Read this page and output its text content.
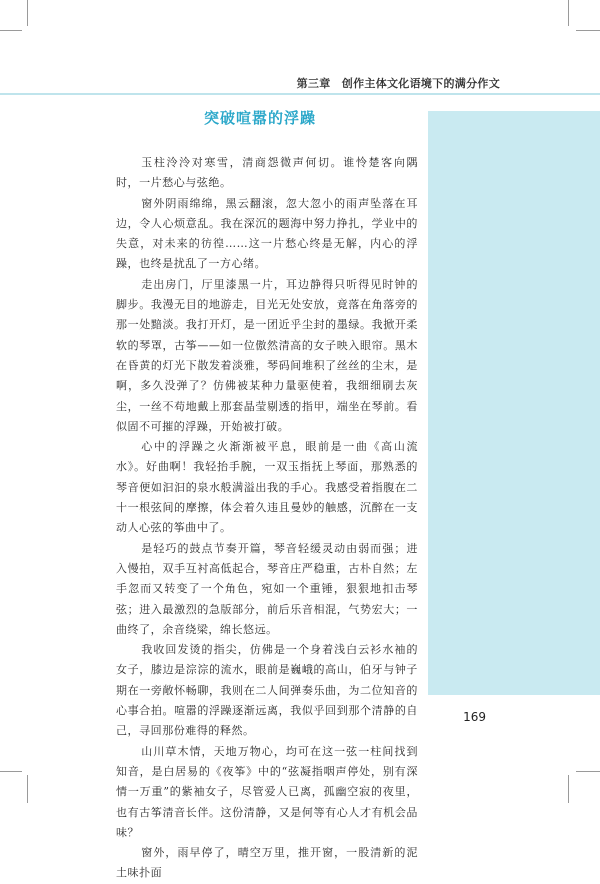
第三章　创作主体文化语境下的满分作文
突破喧嚣的浮躁

玉柱泠泠对寒雪，清商怨微声何切。谁怜楚客向隅时，一片愁心与弦绝。

窗外阴雨绵绵，黑云翻滚，忽大忽小的雨声坠落在耳边，令人心烦意乱。我在深沉的题海中努力挣扎，学业中的失意，对未来的彷徨……这一片愁心终是无解，内心的浮躁，也终是扰乱了一方心绪。

走出房门，厅里漆黑一片，耳边静得只听得见时钟的脚步。我漫无目的地游走，目光无处安放，竟落在角落旁的那一处黯淡。我打开灯，是一团近乎尘封的墨绿。我掀开柔软的琴罩，古筝——如一位傲然清高的女子映入眼帘。黑木在昏黄的灯光下散发着淡雅，琴码间堆积了丝丝的尘末，是啊，多久没弹了？仿佛被某种力量驱使着，我细细刷去灰尘，一丝不苟地戴上那套晶莹剔透的指甲，端坐在琴前。看似固不可摧的浮躁，开始被打破。

心中的浮躁之火渐渐被平息，眼前是一曲《高山流水》。好曲啊！我轻抬手腕，一双玉指抚上琴面，那熟悉的琴音便如汩汩的泉水般满溢出我的手心。我感受着指腹在二十一根弦间的摩擦，体会着久违且曼妙的触感，沉醉在一支动人心弦的筝曲中了。

是轻巧的鼓点节奏开篇，琴音轻缓灵动由弱而强；进入慢拍，双手互衬高低起合，琴音庄严稳重，古朴自然；左手忽而又转变了一个角色，宛如一个重锤，狠狠地扣击琴弦；进入最激烈的急版部分，前后乐音相混，气势宏大；一曲终了，余音绕梁，绵长悠远。

我收回发烫的指尖，仿佛是一个身着浅白云衫水袖的女子，膝边是淙淙的流水，眼前是巍峨的高山，伯牙与钟子期在一旁敞怀畅聊，我则在二人间弹奏乐曲，为二位知音的心事合拍。喧嚣的浮躁逐渐远离，我似乎回到那个清静的自己，寻回那份难得的释然。

山川草木情，天地万物心，均可在这一弦一柱间找到知音，是白居易的《夜筝》中的“弦凝指咽声停处，别有深情一万重”的紫袖女子，尽管爱人已离，孤幽空寂的夜里，也有古筝清音长伴。这份清静，又是何等有心人才有机会品味？

窗外，雨早停了，晴空万里，推开窗，一股清新的泥土味扑面

169
